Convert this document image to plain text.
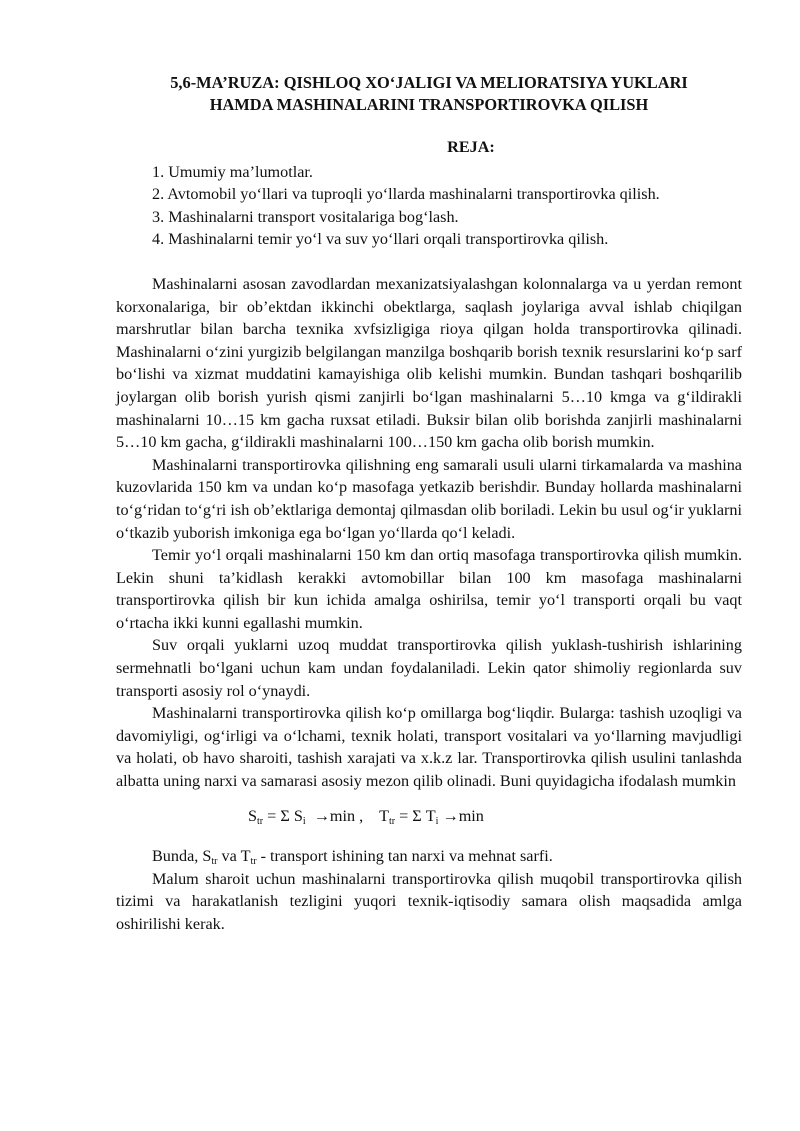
5,6-MA’RUZA: QISHLOQ XO‘JALIGI VA MELIORATSIYA YUKLARI
HAMDA MASHINALARINI TRANSPORTIROVKA QILISH
REJA:
1. Umumiy ma’lumotlar.
2. Avtomobil yo‘llari va tuproqli yo‘llarda mashinalarni transportirovka qilish.
3. Mashinalarni transport vositalariga bog‘lash.
4. Mashinalarni temir yo‘l va suv yo‘llari orqali transportirovka qilish.

Mashinalarni asosan zavodlardan mexanizatsiyalashgan kolonnalarga va u yerdan remont korxonalariga, bir ob’ektdan ikkinchi obektlarga, saqlash joylariga avval ishlab chiqilgan marshrutlar bilan barcha texnika xvfsizligiga rioya qilgan holda transportirovka qilinadi. Mashinalarni o‘zini yurgizib belgilangan manzilga boshqarib borish texnik resurslarini ko‘p sarf bo‘lishi va xizmat muddatini kamayishiga olib kelishi mumkin. Bundan tashqari boshqarilib joylargan olib borish yurish qismi zanjirli bo‘lgan mashinalarni 5…10 kmga va g‘ildirakli mashinalarni 10…15 km gacha ruxsat etiladi. Buksir bilan olib borishda zanjirli mashinalarni 5…10 km gacha, g‘ildirakli mashinalarni 100…150 km gacha olib borish mumkin.

Mashinalarni transportirovka qilishning eng samarali usuli ularni tirkamalarda va mashina kuzovlarida 150 km va undan ko‘p masofaga yetkazib berishdir. Bunday hollarda mashinalarni to‘g‘ridan to‘g‘ri ish ob’ektlariga demontaj qilmasdan olib boriladi. Lekin bu usul og‘ir yuklarni o‘tkazib yuborish imkoniga ega bo‘lgan yo‘llarda qo‘l keladi.

Temir yo‘l orqali mashinalarni 150 km dan ortiq masofaga transportirovka qilish mumkin. Lekin shuni ta’kidlash kerakki avtomobillar bilan 100 km masofaga mashinalarni transportirovka qilish bir kun ichida amalga oshirilsa, temir yo‘l transporti orqali bu vaqt o‘rtacha ikki kunni egallashi mumkin.

Suv orqali yuklarni uzoq muddat transportirovka qilish yuklash-tushirish ishlarining sermehnatli bo‘lgani uchun kam undan foydalaniladi. Lekin qator shimoliy regionlarda suv transporti asosiy rol o‘ynaydi.

Mashinalarni transportirovka qilish ko‘p omillarga bog‘liqdir. Bularga: tashish uzoqligi va davomiyligi, og‘irligi va o‘lchami, texnik holati, transport vositalari va yo‘llarning mavjudligi va holati, ob havo sharoiti, tashish xarajati va x.k.z lar. Transportirovka qilish usulini tanlashda albatta uning narxi va samarasi asosiy mezon qilib olinadi. Buni quyidagicha ifodalash mumkin

$S_{tr} = \Sigma$ $S_i \to\min$ , $T_{tr} = \Sigma$ $T_i \to\min$

Bunda, $S_{tr}$ va $T_{tr}$ - transport ishining tan narxi va mehnat sarfi.

Malum sharoit uchun mashinalarni transportirovka qilish muqobil transportirovka qilish tizimi va harakatlanish tezligini yuqori texnik-iqtisodiy samara olish maqsadida amlga oshirilishi kerak.
